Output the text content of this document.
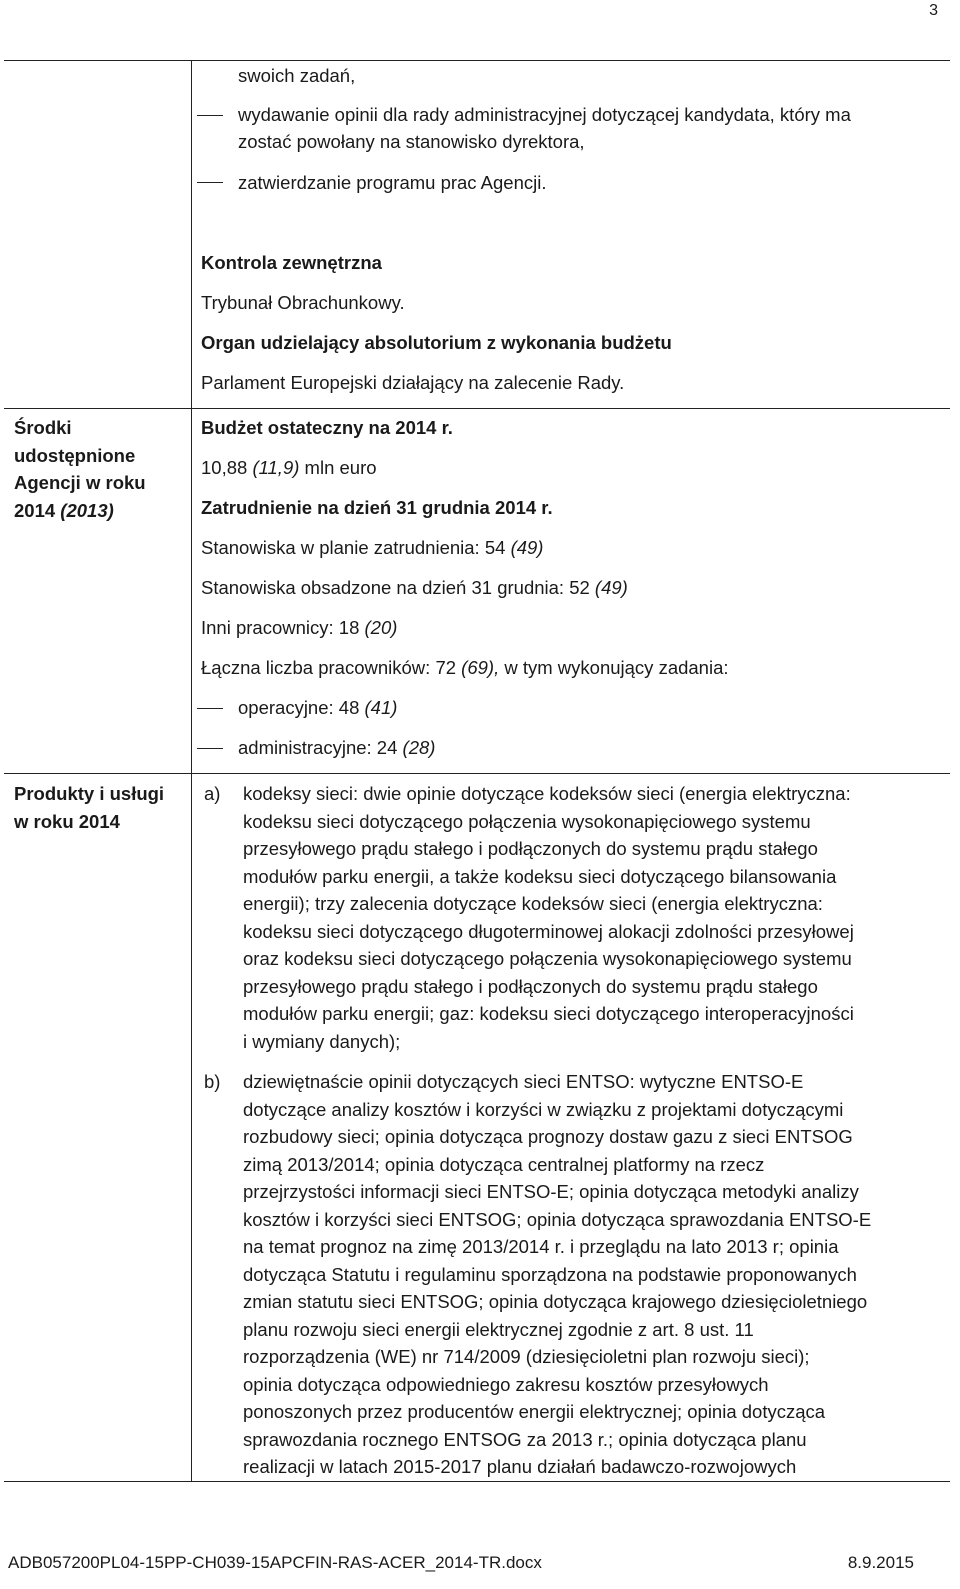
3
swoich zadań,
wydawanie opinii dla rady administracyjnej dotyczącej kandydata, który ma
zostać powołany na stanowisko dyrektora,
zatwierdzanie programu prac Agencji.
Kontrola zewnętrzna
Trybunał Obrachunkowy.
Organ udzielający absolutorium z wykonania budżetu
Parlament Europejski działający na zalecenie Rady.
Środki
udostępnione
Agencji w roku
2014 (2013)
Budżet ostateczny na 2014 r.
10,88 (11,9) mln euro
Zatrudnienie na dzień 31 grudnia 2014 r.
Stanowiska w planie zatrudnienia: 54 (49)
Stanowiska obsadzone na dzień 31 grudnia: 52 (49)
Inni pracownicy: 18 (20)
Łączna liczba pracowników: 72 (69), w tym wykonujący zadania:
operacyjne: 48 (41)
administracyjne: 24 (28)
Produkty i usługi
w roku 2014
a) kodeksy sieci: dwie opinie dotyczące kodeksów sieci (energia elektryczna:
kodeksu sieci dotyczącego połączenia wysokonapięciowego systemu
przesyłowego prądu stałego i podłączonych do systemu prądu stałego
modułów parku energii, a także kodeksu sieci dotyczącego bilansowania
energii); trzy zalecenia dotyczące kodeksów sieci (energia elektryczna:
kodeksu sieci dotyczącego długoterminowej alokacji zdolności przesyłowej
oraz kodeksu sieci dotyczącego połączenia wysokonapięciowego systemu
przesyłowego prądu stałego i podłączonych do systemu prądu stałego
modułów parku energii; gaz: kodeksu sieci dotyczącego interoperacyjności
i wymiany danych);
b) dziewiętnaście opinii dotyczących sieci ENTSO: wytyczne ENTSO-E
dotyczące analizy kosztów i korzyści w związku z projektami dotyczącymi
rozbudowy sieci; opinia dotycząca prognozy dostaw gazu z sieci ENTSOG
zimą 2013/2014; opinia dotycząca centralnej platformy na rzecz
przejrzystości informacji sieci ENTSO-E; opinia dotycząca metodyki analizy
kosztów i korzyści sieci ENTSOG; opinia dotycząca sprawozdania ENTSO-E
na temat prognoz na zimę 2013/2014 r. i przeglądu na lato 2013 r; opinia
dotycząca Statutu i regulaminu sporządzona na podstawie proponowanych
zmian statutu sieci ENTSOG; opinia dotycząca krajowego dziesięcioletniego
planu rozwoju sieci energii elektrycznej zgodnie z art. 8 ust. 11
rozporządzenia (WE) nr 714/2009 (dziesięcioletni plan rozwoju sieci);
opinia dotycząca odpowiedniego zakresu kosztów przesyłowych
ponoszonych przez producentów energii elektrycznej; opinia dotycząca
sprawozdania rocznego ENTSOG za 2013 r.; opinia dotycząca planu
realizacji w latach 2015-2017 planu działań badawczo-rozwojowych
ADB057200PL04-15PP-CH039-15APCFIN-RAS-ACER_2014-TR.docx	8.9.2015
